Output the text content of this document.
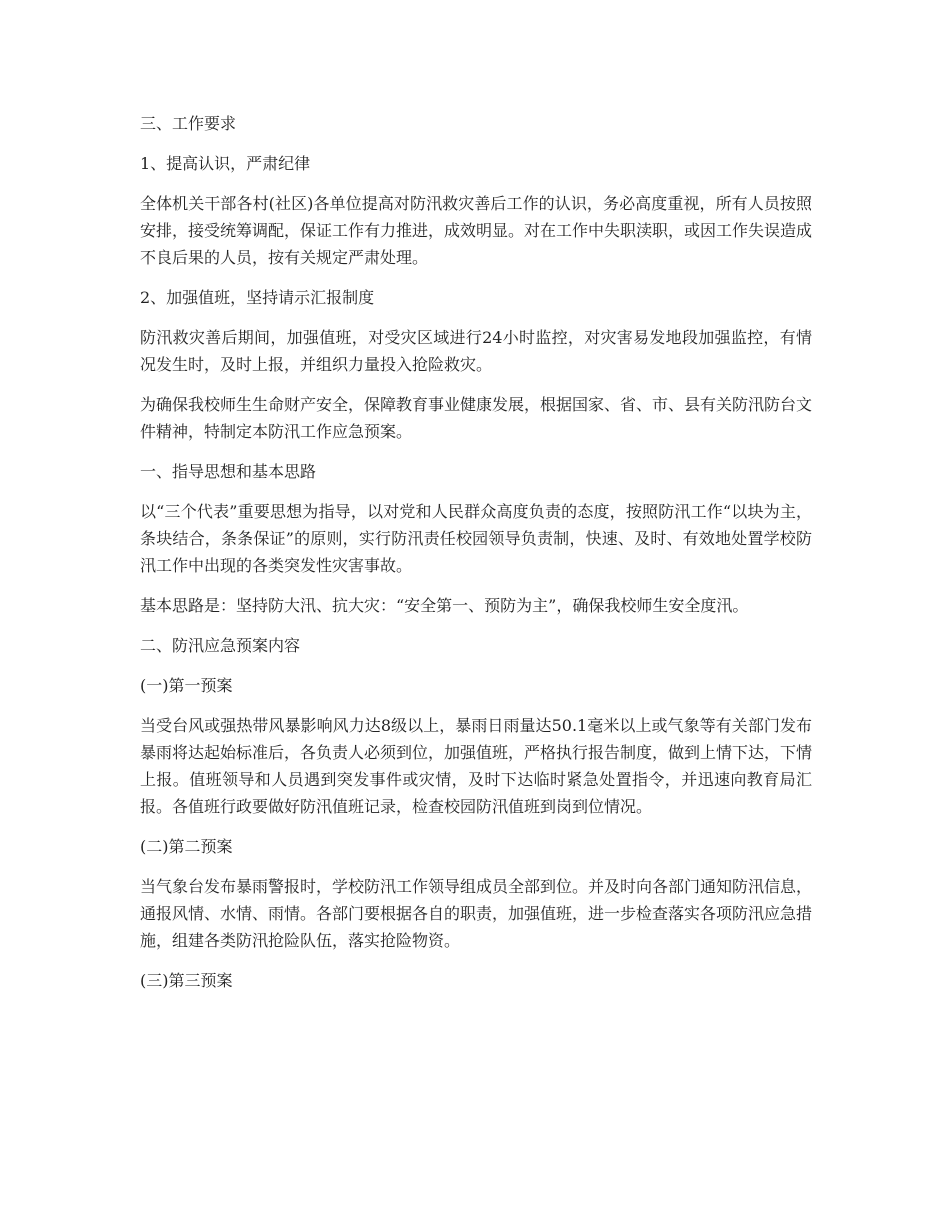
三、工作要求

1、提高认识，严肃纪律

全体机关干部各村(社区)各单位提高对防汛救灾善后工作的认识，务必高度重视，所有人员按照安排，接受统筹调配，保证工作有力推进，成效明显。对在工作中失职渎职，或因工作失误造成不良后果的人员，按有关规定严肃处理。

2、加强值班，坚持请示汇报制度

防汛救灾善后期间，加强值班，对受灾区域进行24小时监控，对灾害易发地段加强监控，有情况发生时，及时上报，并组织力量投入抢险救灾。

为确保我校师生生命财产安全，保障教育事业健康发展，根据国家、省、市、县有关防汛防台文件精神，特制定本防汛工作应急预案。

一、指导思想和基本思路

以“三个代表”重要思想为指导，以对党和人民群众高度负责的态度，按照防汛工作“以块为主，条块结合，条条保证”的原则，实行防汛责任校园领导负责制，快速、及时、有效地处置学校防汛工作中出现的各类突发性灾害事故。

基本思路是：坚持防大汛、抗大灾：“安全第一、预防为主”，确保我校师生安全度汛。

二、防汛应急预案内容

(一)第一预案

当受台风或强热带风暴影响风力达8级以上，暴雨日雨量达50.1毫米以上或气象等有关部门发布暴雨将达起始标准后，各负责人必须到位，加强值班，严格执行报告制度，做到上情下达，下情上报。值班领导和人员遇到突发事件或灾情，及时下达临时紧急处置指令，并迅速向教育局汇报。各值班行政要做好防汛值班记录，检查校园防汛值班到岗到位情况。

(二)第二预案

当气象台发布暴雨警报时，学校防汛工作领导组成员全部到位。并及时向各部门通知防汛信息，通报风情、水情、雨情。各部门要根据各自的职责，加强值班，进一步检查落实各项防汛应急措施，组建各类防汛抢险队伍，落实抢险物资。

(三)第三预案
